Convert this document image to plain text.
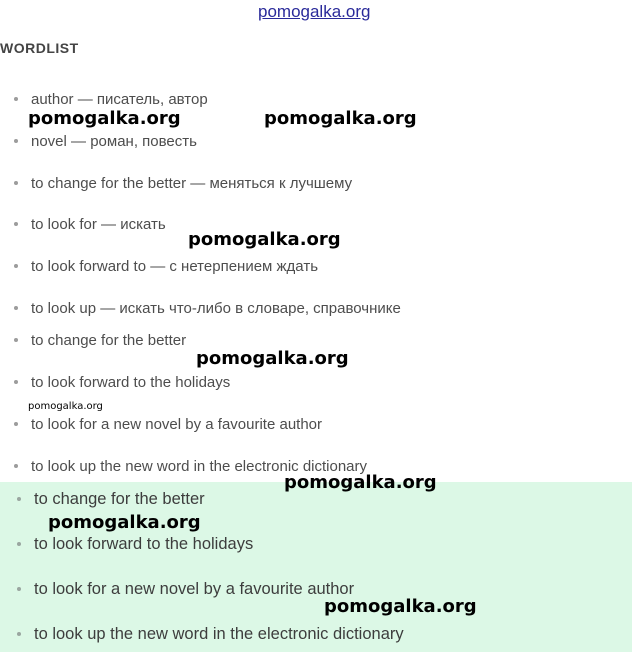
pomogalka.org
WORDLIST
author — писатель, автор
novel — роман, повесть
to change for the better — меняться к лучшему
to look for — искать
to look forward to — с нетерпением ждать
to look up — искать что-либо в словаре, справочнике
to change for the better
to look forward to the holidays
to look for a new novel by a favourite author
to look up the new word in the electronic dictionary
to change for the better
to look forward to the holidays
to look for a new novel by a favourite author
to look up the new word in the electronic dictionary
pomogalka.org	pomogalka.org
pomogalka.org
pomogalka.org
pomogalka.org
pomogalka.org
pomogalka.org
pomogalka.org
